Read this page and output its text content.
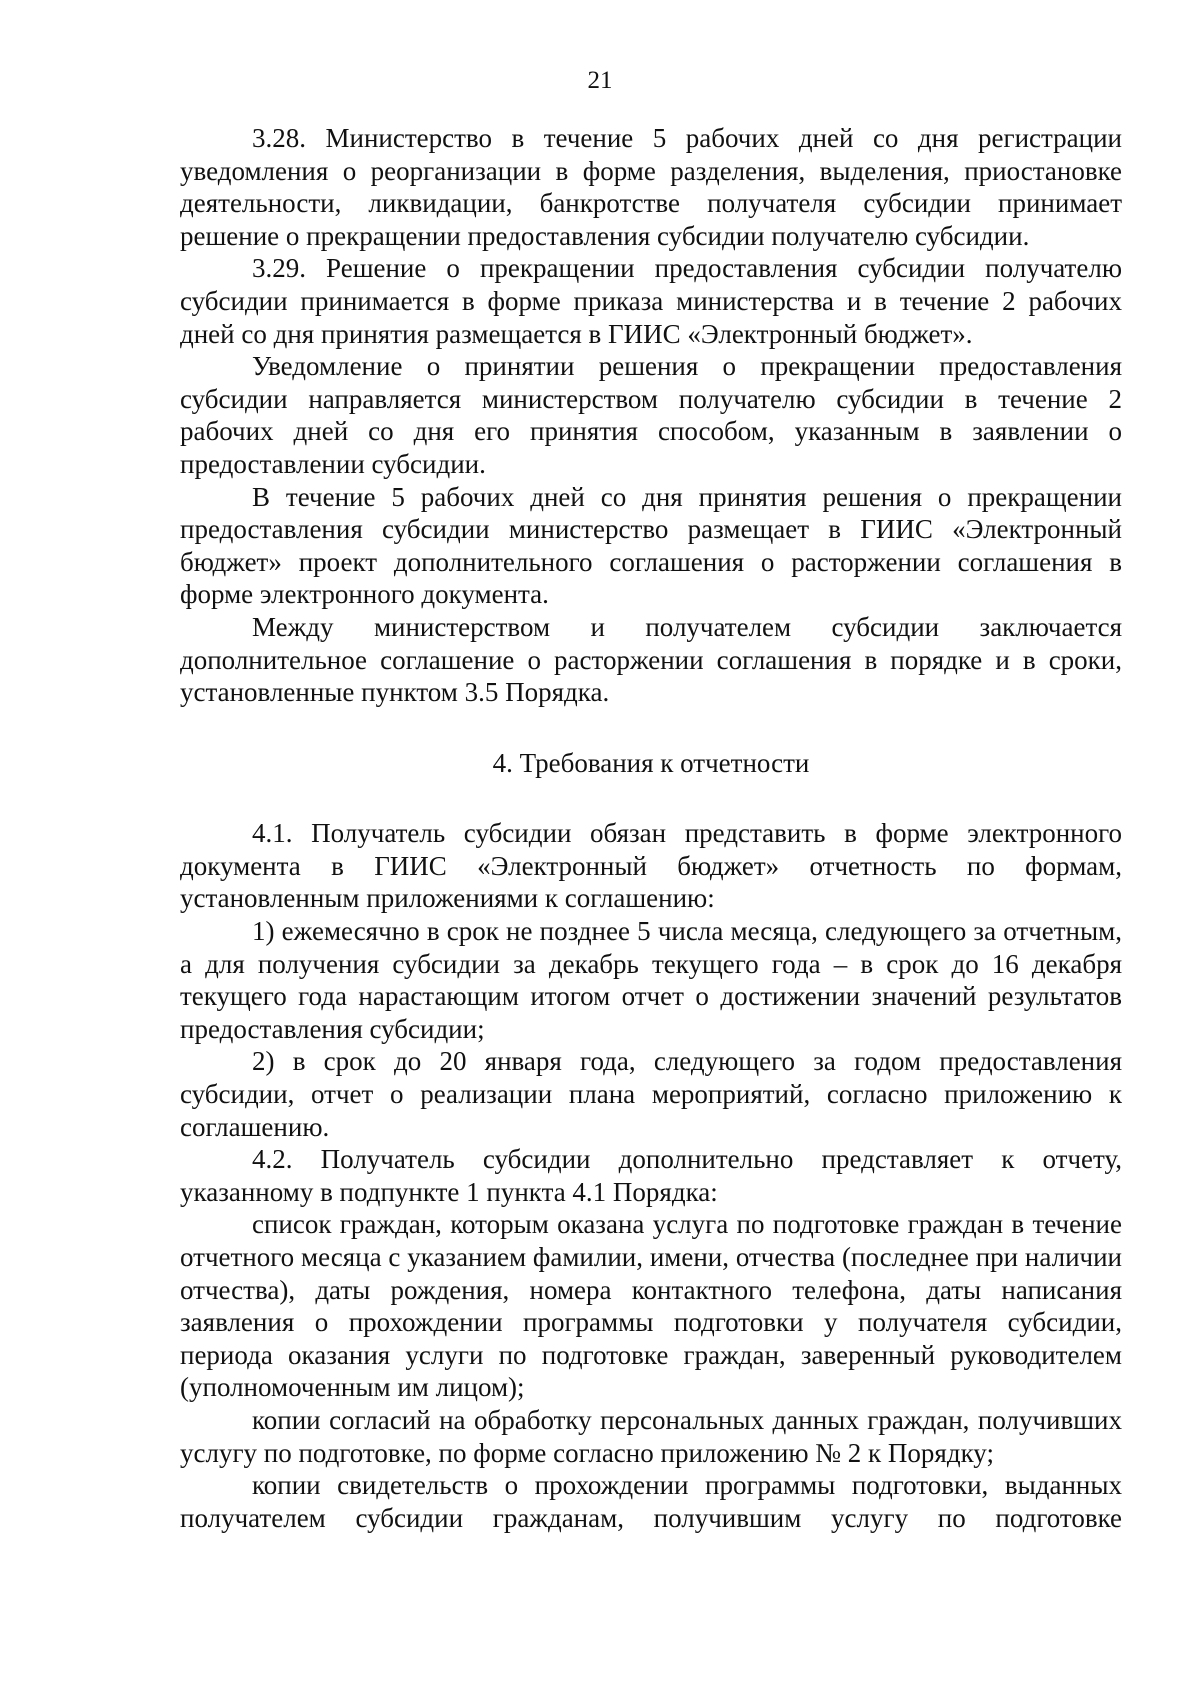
21

3.28. Министерство в течение 5 рабочих дней со дня регистрации уведомления о реорганизации в форме разделения, выделения, приостановке деятельности, ликвидации, банкротстве получателя субсидии принимает решение о прекращении предоставления субсидии получателю субсидии.

3.29. Решение о прекращении предоставления субсидии получателю субсидии принимается в форме приказа министерства и в течение 2 рабочих дней со дня принятия размещается в ГИИС «Электронный бюджет».

Уведомление о принятии решения о прекращении предоставления субсидии направляется министерством получателю субсидии в течение 2 рабочих дней со дня его принятия способом, указанным в заявлении о предоставлении субсидии.

В течение 5 рабочих дней со дня принятия решения о прекращении предоставления субсидии министерство размещает в ГИИС «Электронный бюджет» проект дополнительного соглашения о расторжении соглашения в форме электронного документа.

Между министерством и получателем субсидии заключается дополнительное соглашение о расторжении соглашения в порядке и в сроки, установленные пунктом 3.5 Порядка.

4. Требования к отчетности

4.1. Получатель субсидии обязан представить в форме электронного документа в ГИИС «Электронный бюджет» отчетность по формам, установленным приложениями к соглашению:

1) ежемесячно в срок не позднее 5 числа месяца, следующего за отчетным, а для получения субсидии за декабрь текущего года – в срок до 16 декабря текущего года нарастающим итогом отчет о достижении значений результатов предоставления субсидии;

2) в срок до 20 января года, следующего за годом предоставления субсидии, отчет о реализации плана мероприятий, согласно приложению к соглашению.

4.2. Получатель субсидии дополнительно представляет к отчету, указанному в подпункте 1 пункта 4.1 Порядка:

список граждан, которым оказана услуга по подготовке граждан в течение отчетного месяца с указанием фамилии, имени, отчества (последнее при наличии отчества), даты рождения, номера контактного телефона, даты написания заявления о прохождении программы подготовки у получателя субсидии, периода оказания услуги по подготовке граждан, заверенный руководителем (уполномоченным им лицом);

копии согласий на обработку персональных данных граждан, получивших услугу по подготовке, по форме согласно приложению № 2 к Порядку;

копии свидетельств о прохождении программы подготовки, выданных получателем субсидии гражданам, получившим услугу по подготовке
